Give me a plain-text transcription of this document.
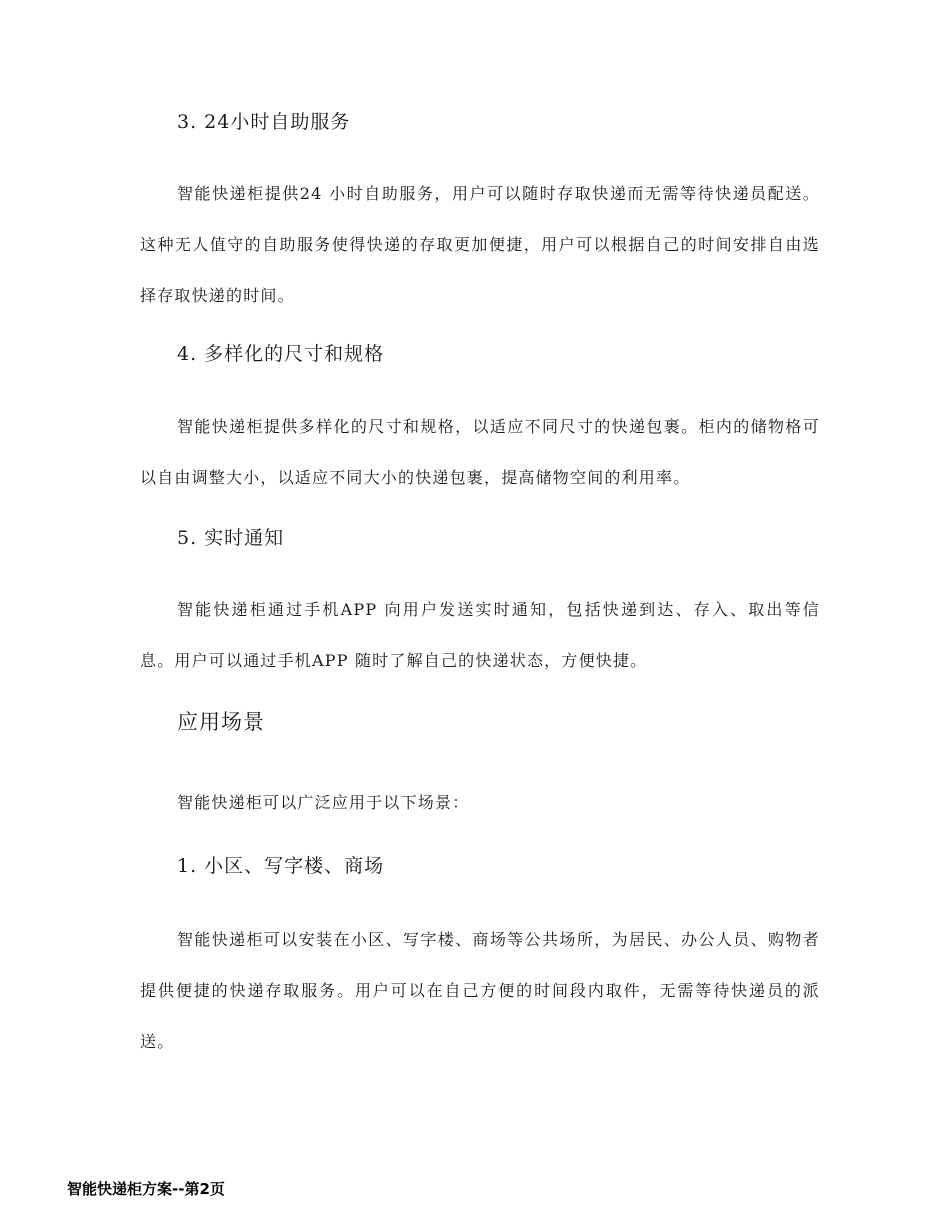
3. 24小时自助服务

智能快递柜提供24 小时自助服务，用户可以随时存取快递而无需等待快递员配送。这种无人值守的自助服务使得快递的存取更加便捷，用户可以根据自己的时间安排自由选择存取快递的时间。

4. 多样化的尺寸和规格

智能快递柜提供多样化的尺寸和规格，以适应不同尺寸的快递包裹。柜内的储物格可以自由调整大小，以适应不同大小的快递包裹，提高储物空间的利用率。

5. 实时通知

智能快递柜通过手机APP 向用户发送实时通知，包括快递到达、存入、取出等信息。用户可以通过手机APP 随时了解自己的快递状态，方便快捷。

应用场景

智能快递柜可以广泛应用于以下场景：

1. 小区、写字楼、商场

智能快递柜可以安装在小区、写字楼、商场等公共场所，为居民、办公人员、购物者提供便捷的快递存取服务。用户可以在自己方便的时间段内取件，无需等待快递员的派送。

智能快递柜方案--第2页
